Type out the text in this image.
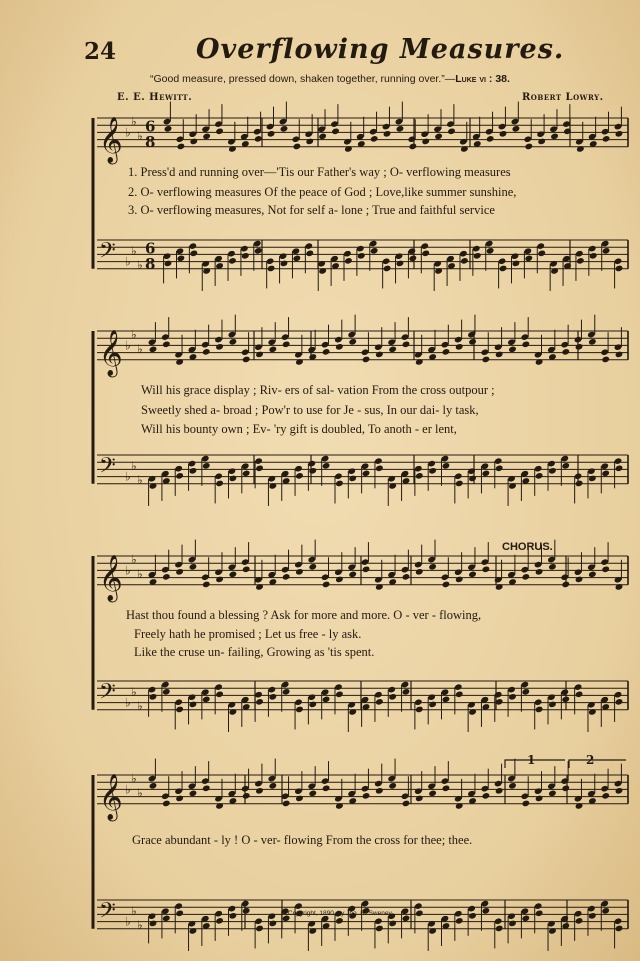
24	Overflowing Measures.
“Good measure, pressed down, shaken together, running over.”—Luke vi : 38.
E. E. Hewitt.	Robert Lowry.
𝄞 ♭
♭
♭
6
8
𝄢 ♭
♭
♭
6
8
𝄞 ♭
♭
♭
𝄢 ♭
♭
♭
𝄞 ♭
♭
♭
𝄢 ♭
♭
♭
𝄞 ♭
♭
♭
𝄢 ♭
♭
♭
1. Press'd and running over—'Tis our Father's way ; O- verflowing measures
2. O- verflowing measures Of the peace of God ; Love,like summer sunshine,
3. O- verflowing measures, Not for self a- lone ; True and faithful service
Will his grace display ; Riv- ers of sal- vation From the cross outpour ;
Sweetly shed a- broad ; Pow'r to use for Je - sus, In our dai- ly task,
Will his bounty own ; Ev- 'ry gift is doubled, To anoth - er lent,
CHORUS.
Hast thou found a blessing ? Ask for more and more. O - ver - flowing,
Freely hath he promised ; Let us free - ly ask.
Like the cruse un- failing, Growing as 'tis spent.
Grace abundant - ly ! O - ver- flowing From the cross for thee; thee.
1	2
Copyright, 1890, by Jno. R. Sweney.
